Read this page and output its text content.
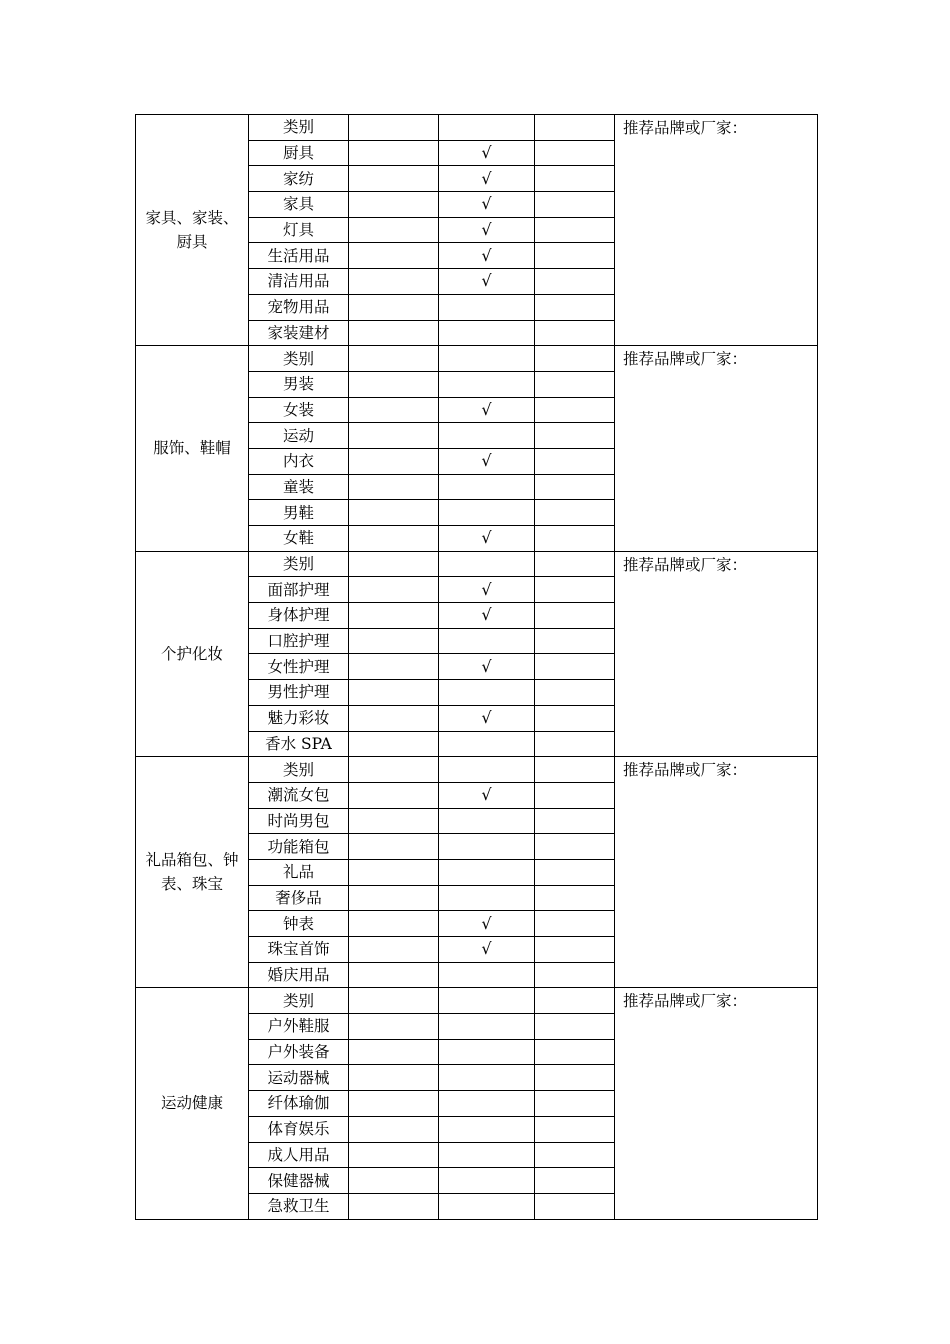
家具、家装、厨具	类别				推荐品牌或厂家：
	厨具		√		
	家纺		√		
	家具		√		
	灯具		√		
	生活用品		√		
	清洁用品		√		
	宠物用品				
	家装建材				
服饰、鞋帽	类别				推荐品牌或厂家：
	男装				
	女装		√		
	运动				
	内衣		√		
	童装				
	男鞋				
	女鞋		√		
个护化妆	类别				推荐品牌或厂家：
	面部护理		√		
	身体护理		√		
	口腔护理				
	女性护理		√		
	男性护理				
	魅力彩妆		√		
	香水 SPA				
礼品箱包、钟表、珠宝	类别				推荐品牌或厂家：
	潮流女包		√		
	时尚男包				
	功能箱包				
	礼品				
	奢侈品				
	钟表		√		
	珠宝首饰		√		
	婚庆用品				
运动健康	类别				推荐品牌或厂家：
	户外鞋服				
	户外装备				
	运动器械				
	纤体瑜伽				
	体育娱乐				
	成人用品				
	保健器械				
	急救卫生				
